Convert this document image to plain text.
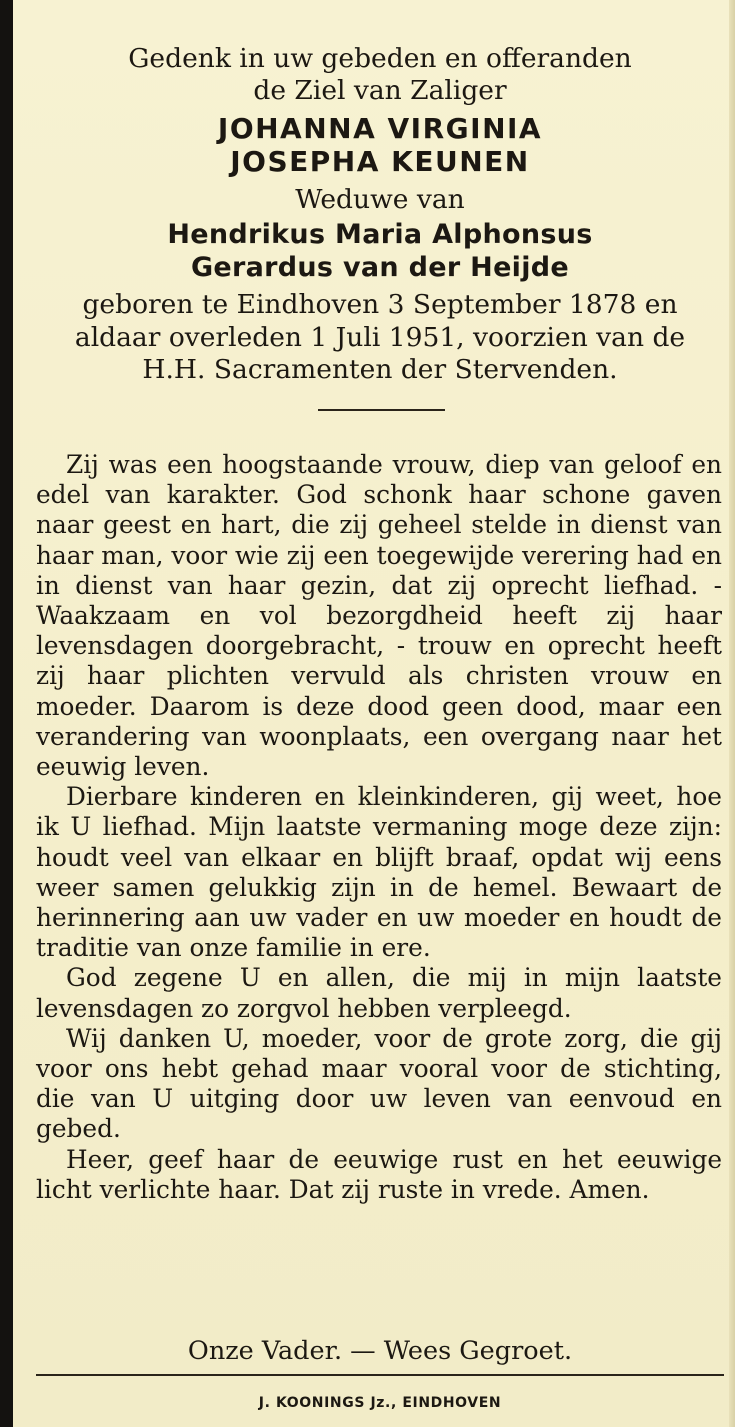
Gedenk in uw gebeden en offeranden
de Ziel van Zaliger
JOHANNA VIRGINIA
JOSEPHA KEUNEN
Weduwe van
Hendrikus Maria Alphonsus
Gerardus van der Heijde
geboren te Eindhoven 3 September 1878 en
aldaar overleden 1 Juli 1951, voorzien van de
H.H. Sacramenten der Stervenden.

Zij was een hoogstaande vrouw, diep van geloof en edel van karakter. God schonk haar schone gaven naar geest en hart, die zij geheel stelde in dienst van haar man, voor wie zij een toegewijde verering had en in dienst van haar gezin, dat zij oprecht liefhad. - Waakzaam en vol bezorgdheid heeft zij haar levensdagen doorgebracht, - trouw en oprecht heeft zij haar plichten vervuld als christen vrouw en moeder. Daarom is deze dood geen dood, maar een verandering van woonplaats, een overgang naar het eeuwig leven.

Dierbare kinderen en kleinkinderen, gij weet, hoe ik U liefhad. Mijn laatste vermaning moge deze zijn: houdt veel van elkaar en blijft braaf, opdat wij eens weer samen gelukkig zijn in de hemel. Bewaart de herinnering aan uw vader en uw moeder en houdt de traditie van onze familie in ere.

God zegene U en allen, die mij in mijn laatste levensdagen zo zorgvol hebben verpleegd.

Wij danken U, moeder, voor de grote zorg, die gij voor ons hebt gehad maar vooral voor de stichting, die van U uitging door uw leven van eenvoud en gebed.

Heer, geef haar de eeuwige rust en het eeuwige licht verlichte haar. Dat zij ruste in vrede. Amen.

Onze Vader. — Wees Gegroet.
J. KOONINGS Jz., EINDHOVEN
